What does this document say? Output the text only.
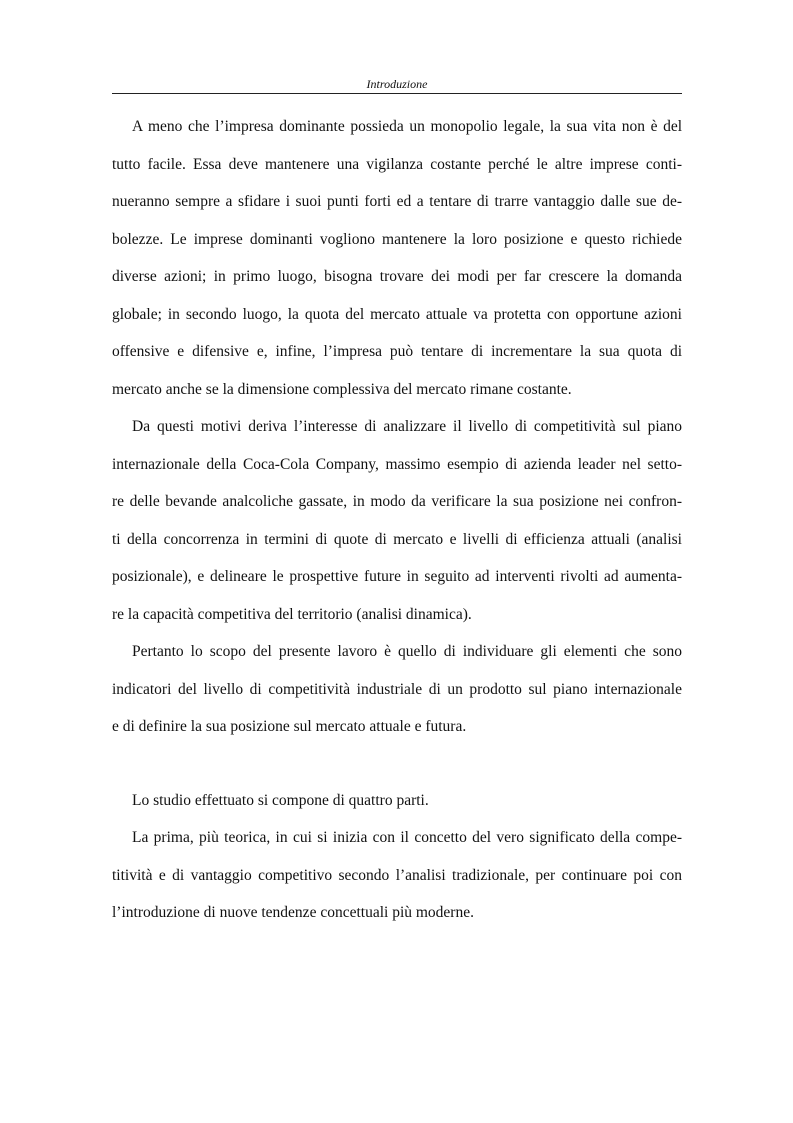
Introduzione
A meno che l’impresa dominante possieda un monopolio legale, la sua vita non è del
tutto facile. Essa deve mantenere una vigilanza costante perché le altre imprese conti-
nueranno sempre a sfidare i suoi punti forti ed a tentare di trarre vantaggio dalle sue de-
bolezze. Le imprese dominanti vogliono mantenere la loro posizione e questo richiede
diverse azioni; in primo luogo, bisogna trovare dei modi per far crescere la domanda
globale; in secondo luogo, la quota del mercato attuale va protetta con opportune azioni
offensive e difensive e, infine, l’impresa può tentare di incrementare la sua quota di
mercato anche se la dimensione complessiva del mercato rimane costante.
Da questi motivi deriva l’interesse di analizzare il livello di competitività sul piano
internazionale della Coca-Cola Company, massimo esempio di azienda leader nel setto-
re delle bevande analcoliche gassate, in modo da verificare la sua posizione nei confron-
ti della concorrenza in termini di quote di mercato e livelli di efficienza attuali (analisi
posizionale), e delineare le prospettive future in seguito ad interventi rivolti ad aumenta-
re la capacità competitiva del territorio (analisi dinamica).
Pertanto lo scopo del presente lavoro è quello di individuare gli elementi che sono
indicatori del livello di competitività industriale di un prodotto sul piano internazionale
e di definire la sua posizione sul mercato attuale e futura.
Lo studio effettuato si compone di quattro parti.
La prima, più teorica, in cui si inizia con il concetto del vero significato della compe-
titività e di vantaggio competitivo secondo l’analisi tradizionale, per continuare poi con
l’introduzione di nuove tendenze concettuali più moderne.
